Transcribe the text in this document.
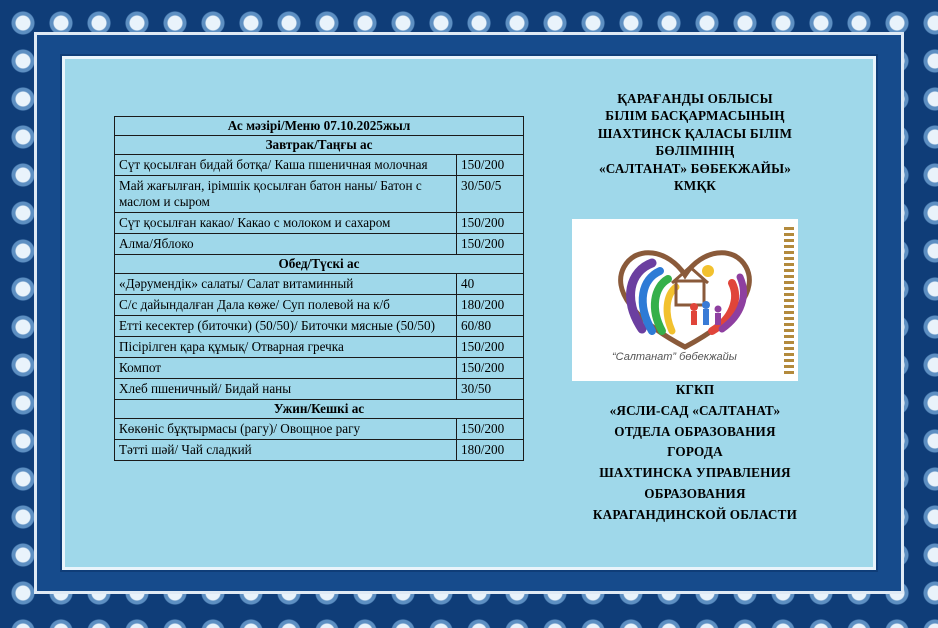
Ас мәзірі/Меню 07.10.2025жыл	
Завтрак/Таңғы ас	
Сүт қосылған бидай ботқа/ Каша пшеничная молочная	150/200
Май жағылған, ірімшік қосылған батон наны/ Батон с маслом и сыром	30/50/5
Сүт қосылған какао/ Какао с молоком и сахаром	150/200
Алма/Яблоко	150/200
Обед/Түскі ас	
«Дәрумендік» салаты/ Салат витаминный	40
С/с дайындалған Дала көже/ Суп полевой на к/б	180/200
Етті кесектер (биточки) (50/50)/ Биточки мясные (50/50)	60/80
Пісірілген қара құмық/ Отварная гречка	150/200
Компот	150/200
Хлеб пшеничный/ Бидай наны	30/50
Ужин/Кешкі ас	
Көкөніс бұқтырмасы (рагу)/ Овощное рагу	150/200
Тәтті шәй/ Чай сладкий	180/200
ҚАРАҒАНДЫ ОБЛЫСЫ
БІЛІМ БАСҚАРМАСЫНЫҢ
ШАХТИНСК ҚАЛАСЫ БІЛІМ
БӨЛІМІНІҢ
«САЛТАНАТ» БӨБЕКЖАЙЫ»
КМҚК
“Салтанат” бөбекжайы
КГКП
«ЯСЛИ-САД «САЛТАНАТ»
ОТДЕЛА ОБРАЗОВАНИЯ
ГОРОДА
ШАХТИНСКА УПРАВЛЕНИЯ
ОБРАЗОВАНИЯ
КАРАГАНДИНСКОЙ ОБЛАСТИ
